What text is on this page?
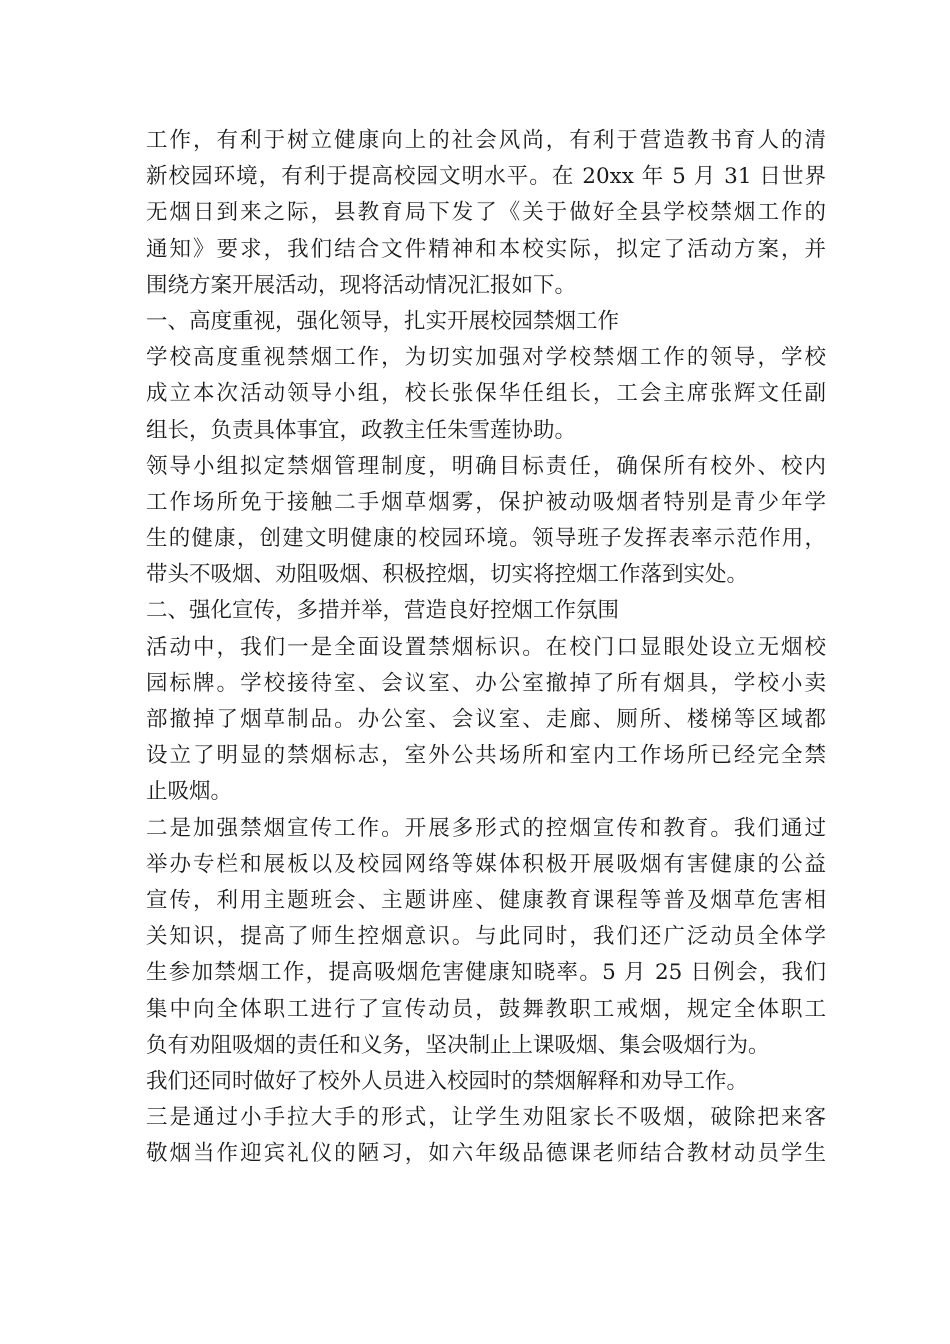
工作，有利于树立健康向上的社会风尚，有利于营造教书育人的清
新校园环境，有利于提高校园文明水平。在 20xx 年 5 月 31 日世界
无烟日到来之际，县教育局下发了《关于做好全县学校禁烟工作的
通知》要求，我们结合文件精神和本校实际，拟定了活动方案，并
围绕方案开展活动，现将活动情况汇报如下。
一、高度重视，强化领导，扎实开展校园禁烟工作
学校高度重视禁烟工作，为切实加强对学校禁烟工作的领导，学校
成立本次活动领导小组，校长张保华任组长，工会主席张辉文任副
组长，负责具体事宜，政教主任朱雪莲协助。
领导小组拟定禁烟管理制度，明确目标责任，确保所有校外、校内
工作场所免于接触二手烟草烟雾，保护被动吸烟者特别是青少年学
生的健康，创建文明健康的校园环境。领导班子发挥表率示范作用，
带头不吸烟、劝阻吸烟、积极控烟，切实将控烟工作落到实处。
二、强化宣传，多措并举，营造良好控烟工作氛围
活动中，我们一是全面设置禁烟标识。在校门口显眼处设立无烟校
园标牌。学校接待室、会议室、办公室撤掉了所有烟具，学校小卖
部撤掉了烟草制品。办公室、会议室、走廊、厕所、楼梯等区域都
设立了明显的禁烟标志，室外公共场所和室内工作场所已经完全禁
止吸烟。
二是加强禁烟宣传工作。开展多形式的控烟宣传和教育。我们通过
举办专栏和展板以及校园网络等媒体积极开展吸烟有害健康的公益
宣传，利用主题班会、主题讲座、健康教育课程等普及烟草危害相
关知识，提高了师生控烟意识。与此同时，我们还广泛动员全体学
生参加禁烟工作，提高吸烟危害健康知晓率。5 月 25 日例会，我们
集中向全体职工进行了宣传动员，鼓舞教职工戒烟，规定全体职工
负有劝阻吸烟的责任和义务，坚决制止上课吸烟、集会吸烟行为。
我们还同时做好了校外人员进入校园时的禁烟解释和劝导工作。
三是通过小手拉大手的形式，让学生劝阻家长不吸烟，破除把来客
敬烟当作迎宾礼仪的陋习，如六年级品德课老师结合教材动员学生
